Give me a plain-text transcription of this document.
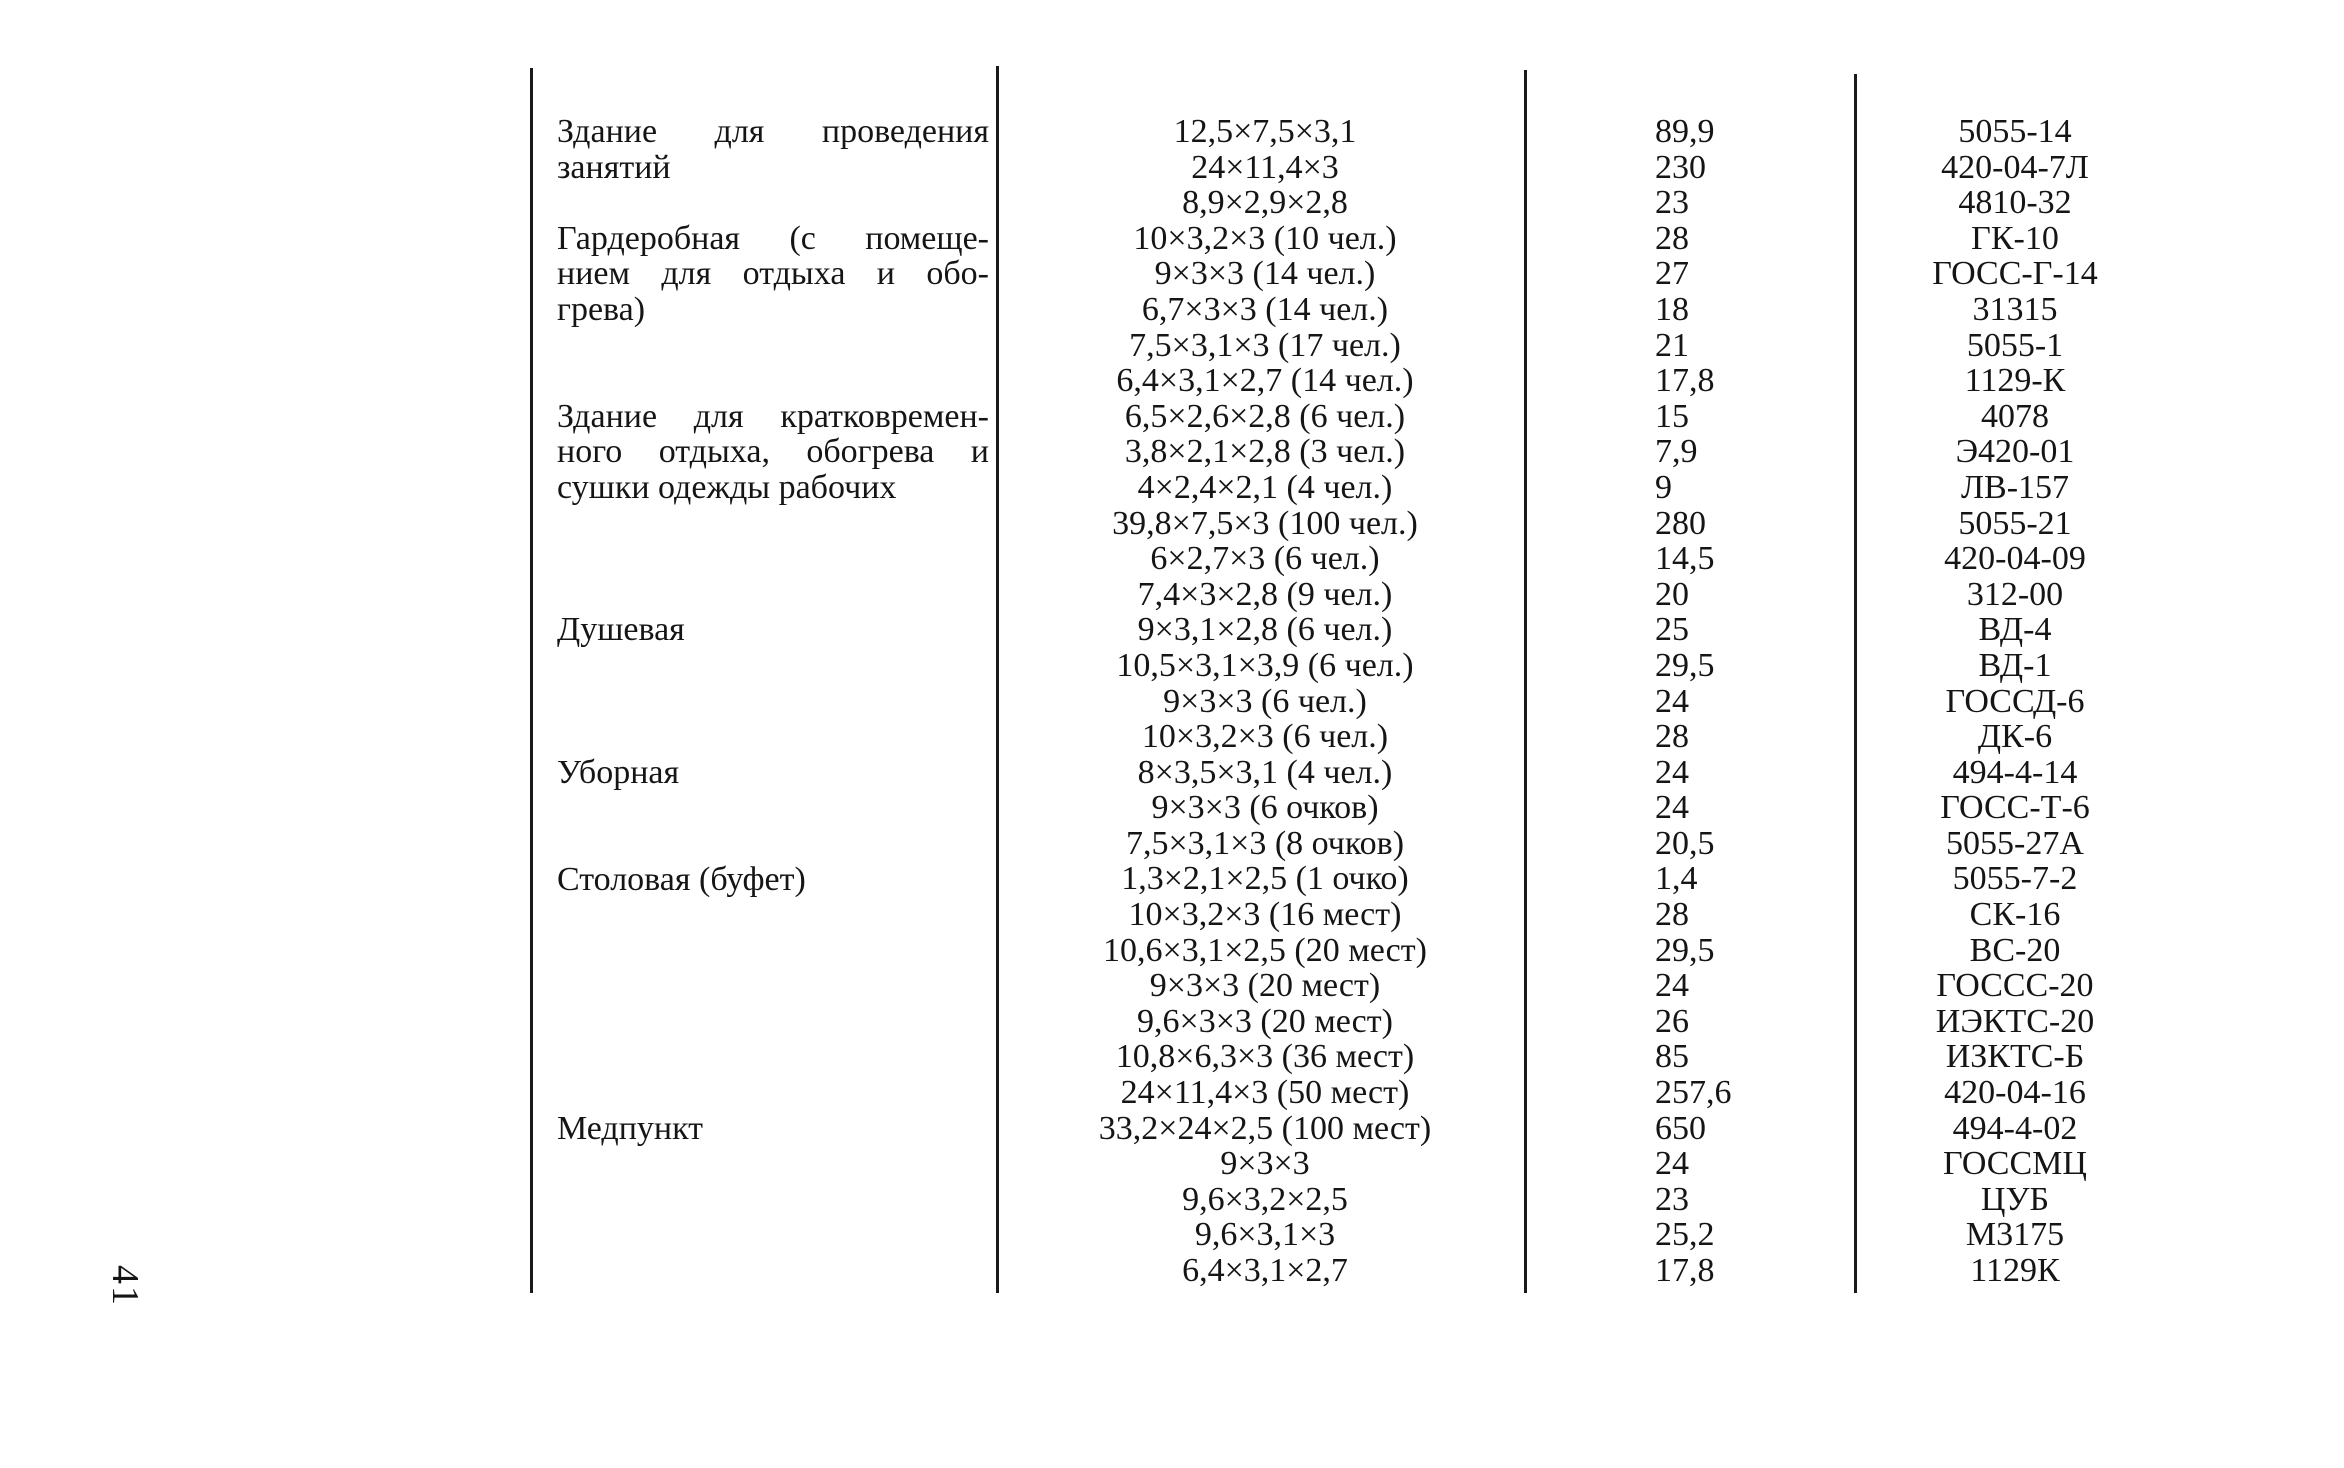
41
Здание для проведения
занятий
Гардеробная (с помеще-
нием для отдыха и обо-
грева)
Здание для кратковремен-
ного отдыха, обогрева и
сушки одежды рабочих
Душевая
Уборная
Столовая (буфет)
Медпункт
12,5×7,5×3,1
24×11,4×3
8,9×2,9×2,8
10×3,2×3 (10 чел.)
9×3×3 (14 чел.)
6,7×3×3 (14 чел.)
7,5×3,1×3 (17 чел.)
6,4×3,1×2,7 (14 чел.)
6,5×2,6×2,8 (6 чел.)
3,8×2,1×2,8 (3 чел.)
4×2,4×2,1 (4 чел.)
39,8×7,5×3 (100 чел.)
6×2,7×3 (6 чел.)
7,4×3×2,8 (9 чел.)
9×3,1×2,8 (6 чел.)
10,5×3,1×3,9 (6 чел.)
9×3×3 (6 чел.)
10×3,2×3 (6 чел.)
8×3,5×3,1 (4 чел.)
9×3×3 (6 очков)
7,5×3,1×3 (8 очков)
1,3×2,1×2,5 (1 очко)
10×3,2×3 (16 мест)
10,6×3,1×2,5 (20 мест)
9×3×3 (20 мест)
9,6×3×3 (20 мест)
10,8×6,3×3 (36 мест)
24×11,4×3 (50 мест)
33,2×24×2,5 (100 мест)
9×3×3
9,6×3,2×2,5
9,6×3,1×3
6,4×3,1×2,7
89,9
230
23
28
27
18
21
17,8
15
7,9
9
280
14,5
20
25
29,5
24
28
24
24
20,5
1,4
28
29,5
24
26
85
257,6
650
24
23
25,2
17,8
5055-14
420-04-7Л
4810-32
ГК-10
ГОСС-Г-14
31315
5055-1
1129-К
4078
Э420-01
ЛВ-157
5055-21
420-04-09
312-00
ВД-4
ВД-1
ГОССД-6
ДК-6
494-4-14
ГОСС-Т-6
5055-27А
5055-7-2
СК-16
ВС-20
ГОССС-20
ИЭКТС-20
ИЗКТС-Б
420-04-16
494-4-02
ГОССМЦ
ЦУБ
М3175
1129К
